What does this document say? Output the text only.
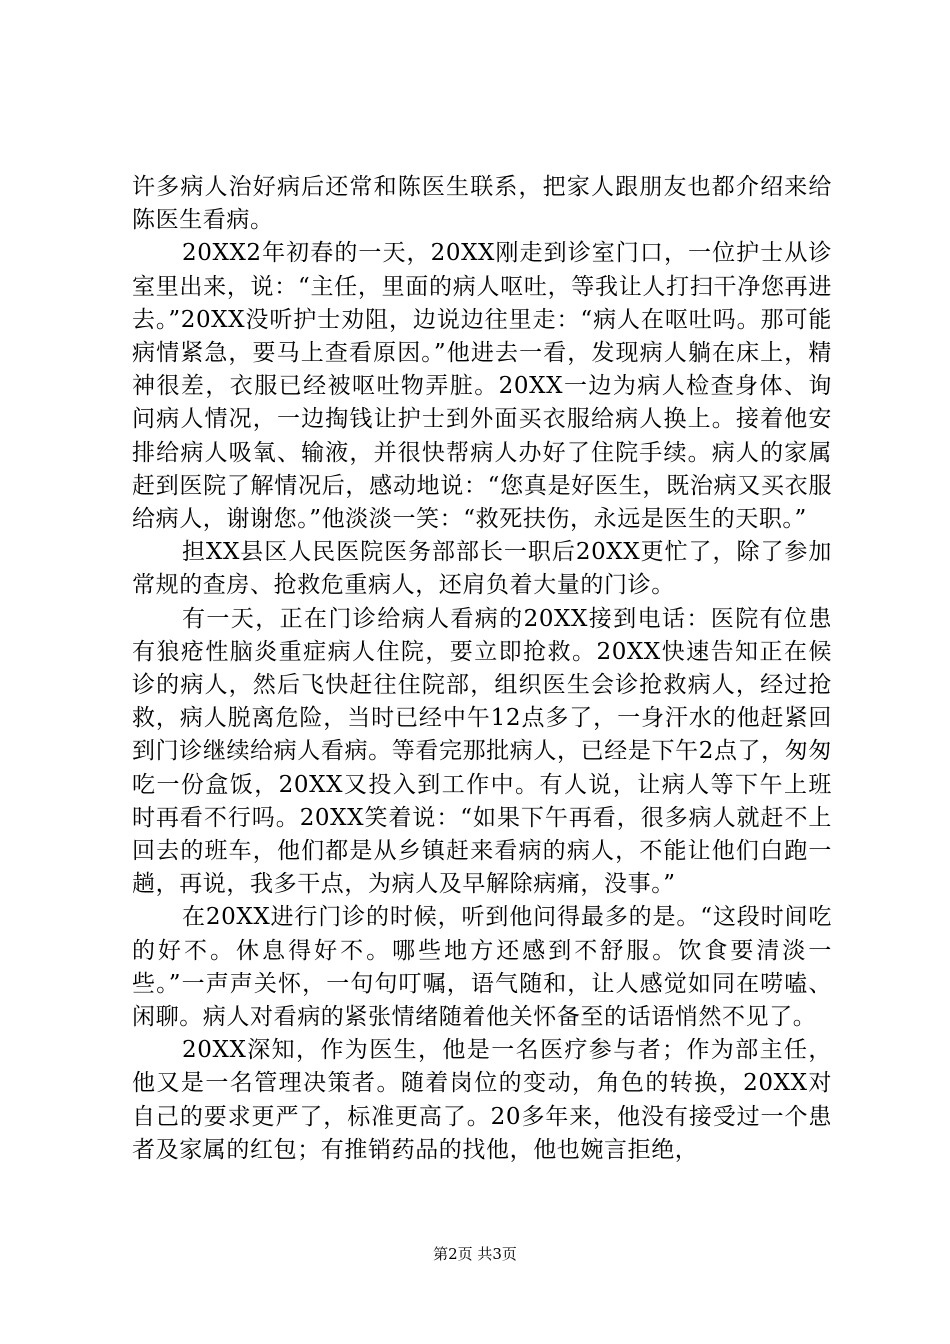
许多病人治好病后还常和陈医生联系，把家人跟朋友也都介绍来给陈医生看病。

20XX2年初春的一天，20XX刚走到诊室门口，一位护士从诊室里出来，说：“主任，里面的病人呕吐，等我让人打扫干净您再进去。”20XX没听护士劝阻，边说边往里走：“病人在呕吐吗。那可能病情紧急，要马上查看原因。”他进去一看，发现病人躺在床上，精神很差，衣服已经被呕吐物弄脏。20XX一边为病人检查身体、询问病人情况，一边掏钱让护士到外面买衣服给病人换上。接着他安排给病人吸氧、输液，并很快帮病人办好了住院手续。病人的家属赶到医院了解情况后，感动地说：“您真是好医生，既治病又买衣服给病人，谢谢您。”他淡淡一笑：“救死扶伤，永远是医生的天职。”

担XX县区人民医院医务部部长一职后20XX更忙了，除了参加常规的查房、抢救危重病人，还肩负着大量的门诊。

有一天，正在门诊给病人看病的20XX接到电话：医院有位患有狼疮性脑炎重症病人住院，要立即抢救。20XX快速告知正在候诊的病人，然后飞快赶往住院部，组织医生会诊抢救病人，经过抢救，病人脱离危险，当时已经中午12点多了，一身汗水的他赶紧回到门诊继续给病人看病。等看完那批病人，已经是下午2点了，匆匆吃一份盒饭，20XX又投入到工作中。有人说，让病人等下午上班时再看不行吗。20XX笑着说：“如果下午再看，很多病人就赶不上回去的班车，他们都是从乡镇赶来看病的病人，不能让他们白跑一趟，再说，我多干点，为病人及早解除病痛，没事。”

在20XX进行门诊的时候，听到他问得最多的是。“这段时间吃的好不。休息得好不。哪些地方还感到不舒服。饮食要清淡一些。”一声声关怀，一句句叮嘱，语气随和，让人感觉如同在唠嗑、闲聊。病人对看病的紧张情绪随着他关怀备至的话语悄然不见了。

20XX深知，作为医生，他是一名医疗参与者；作为部主任，他又是一名管理决策者。随着岗位的变动，角色的转换，20XX对自己的要求更严了，标准更高了。20多年来，他没有接受过一个患者及家属的红包；有推销药品的找他，他也婉言拒绝，

第2页 共3页
